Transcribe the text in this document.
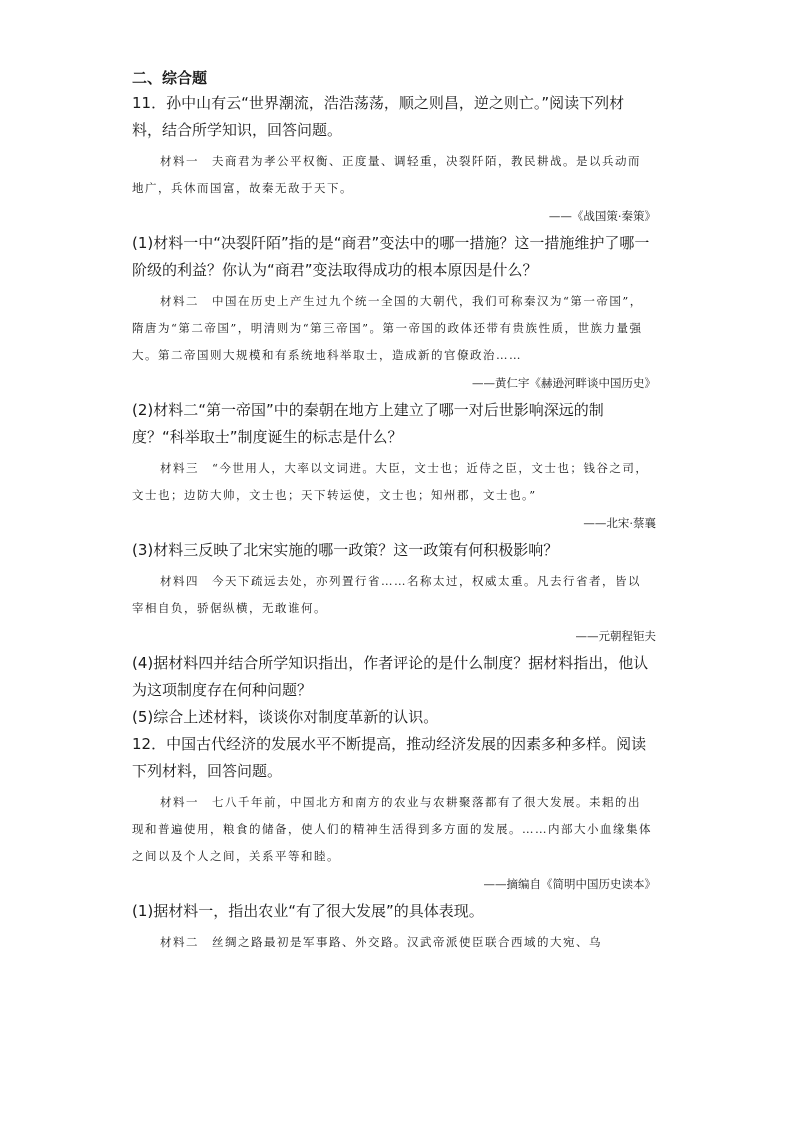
二、综合题

11．孙中山有云“世界潮流，浩浩荡荡，顺之则昌，逆之则亡。”阅读下列材料，结合所学知识，回答问题。

材料一　夫商君为孝公平权衡、正度量、调轻重，决裂阡陌，教民耕战。是以兵动而地广，兵休而国富，故秦无敌于天下。

——《战国策·秦策》

(1)材料一中“决裂阡陌”指的是“商君”变法中的哪一措施？这一措施维护了哪一阶级的利益？你认为“商君”变法取得成功的根本原因是什么？

材料二　中国在历史上产生过九个统一全国的大朝代，我们可称秦汉为“第一帝国”，隋唐为“第二帝国”，明清则为“第三帝国”。第一帝国的政体还带有贵族性质，世族力量强大。第二帝国则大规模和有系统地科举取士，造成新的官僚政治……

——黄仁宇《赫逊河畔谈中国历史》

(2)材料二“第一帝国”中的秦朝在地方上建立了哪一对后世影响深远的制度？“科举取士”制度诞生的标志是什么？

材料三　“今世用人，大率以文词进。大臣，文士也；近侍之臣，文士也；钱谷之司，文士也；边防大帅，文士也；天下转运使，文士也；知州郡，文士也。”

——北宋·蔡襄

(3)材料三反映了北宋实施的哪一政策？这一政策有何积极影响？

材料四　今天下疏远去处，亦列置行省……名称太过，权威太重。凡去行省者，皆以宰相自负，骄倨纵横，无敢谁何。

——元朝程钜夫

(4)据材料四并结合所学知识指出，作者评论的是什么制度？据材料指出，他认为这项制度存在何种问题？

(5)综合上述材料，谈谈你对制度革新的认识。

12．中国古代经济的发展水平不断提高，推动经济发展的因素多种多样。阅读下列材料，回答问题。

材料一　七八千年前，中国北方和南方的农业与农耕聚落都有了很大发展。耒耜的出现和普遍使用，粮食的储备，使人们的精神生活得到多方面的发展。……内部大小血缘集体之间以及个人之间，关系平等和睦。

——摘编自《简明中国历史读本》

(1)据材料一，指出农业“有了很大发展”的具体表现。

材料二　丝绸之路最初是军事路、外交路。汉武帝派使臣联合西域的大宛、乌
